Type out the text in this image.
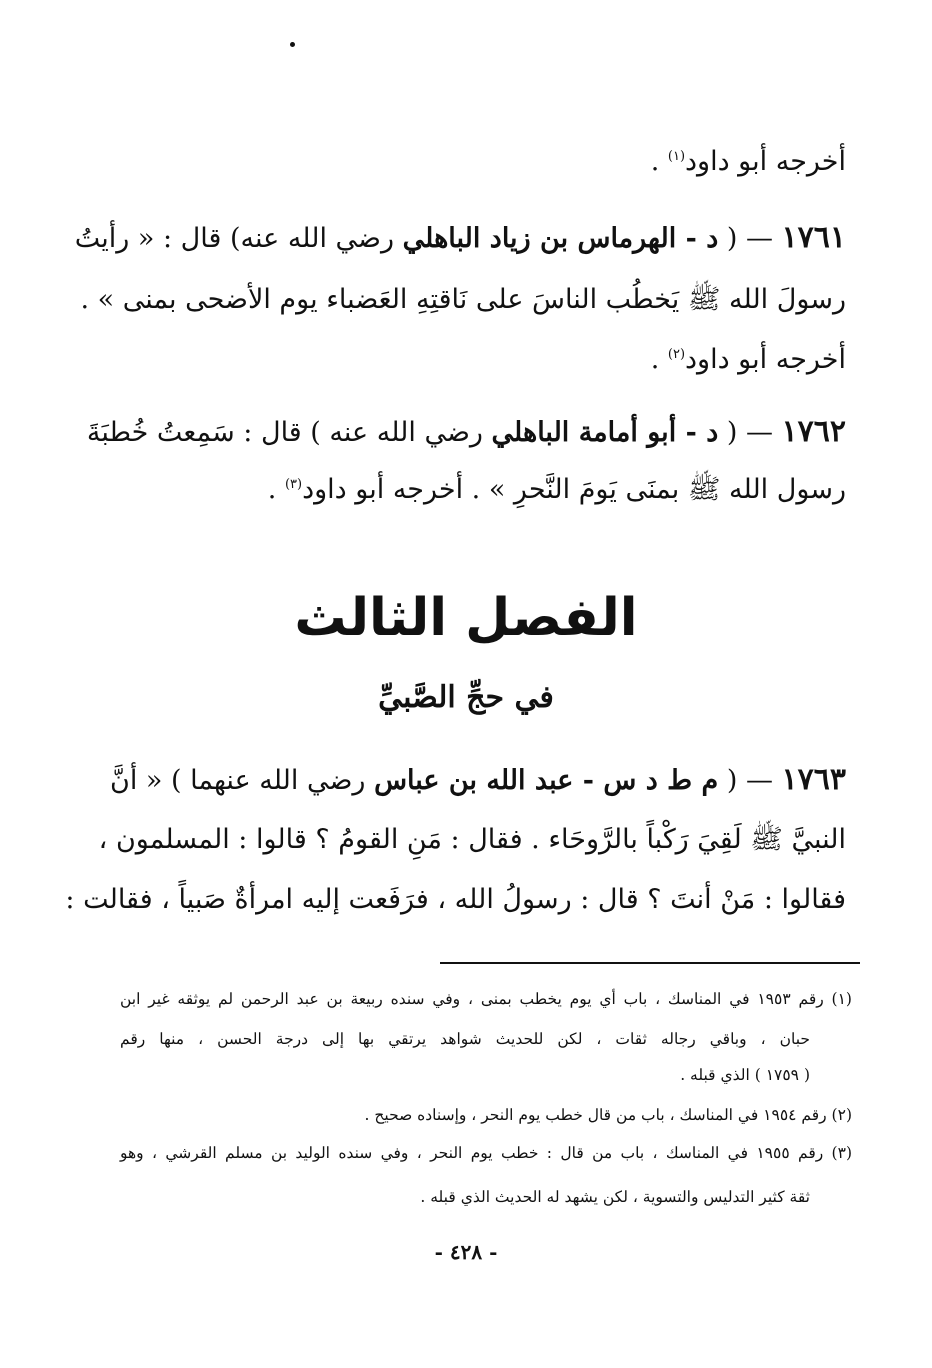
أخرجه أبو داود$^{(١)}$ .
١٧٦١ — ( د - الهرماس بن زياد الباهلي رضي الله عنه) قال : « رأيتُ
رسولَ الله ﷺ يَخطُب الناسَ على نَاقتِهِ العَضباء يوم الأضحى بمنى » .
أخرجه أبو داود$^{(٢)}$ .
١٧٦٢ — ( د - أبو أمامة الباهلي رضي الله عنه ) قال : سَمِعتُ خُطبَةَ
رسول الله ﷺ بمنَى يَومَ النَّحرِ » . أخرجه أبو داود$^{(٣)}$ .
الفصل الثالث
في حجِّ الصَّبيِّ
١٧٦٣ — ( م ط د س - عبد الله بن عباس رضي الله عنهما ) « أنَّ
النبيَّ ﷺ لَقِيَ رَكْباً بالرَّوحَاء . فقال : مَنِ القومُ ؟ قالوا : المسلمون ،
فقالوا : مَنْ أنتَ ؟ قال : رسولُ الله ، فرَفَعت إليه امرأةٌ صَبياً ، فقالت :
(١) رقم ١٩٥٣ في المناسك ، باب أي يوم يخطب بمنى ، وفي سنده ربيعة بن عبد الرحمن لم يوثقه غير ابن
حبان ، وباقي رجاله ثقات ، لكن للحديث شواهد يرتقي بها إلى درجة الحسن ، منها رقم
( ١٧٥٩ ) الذي قبله .
(٢) رقم ١٩٥٤ في المناسك ، باب من قال خطب يوم النحر ، وإسناده صحيح .
(٣) رقم ١٩٥٥ في المناسك ، باب من قال : خطب يوم النحر ، وفي سنده الوليد بن مسلم القرشي ، وهو
ثقة كثير التدليس والتسوية ، لكن يشهد له الحديث الذي قبله .
- ٤٢٨ -
